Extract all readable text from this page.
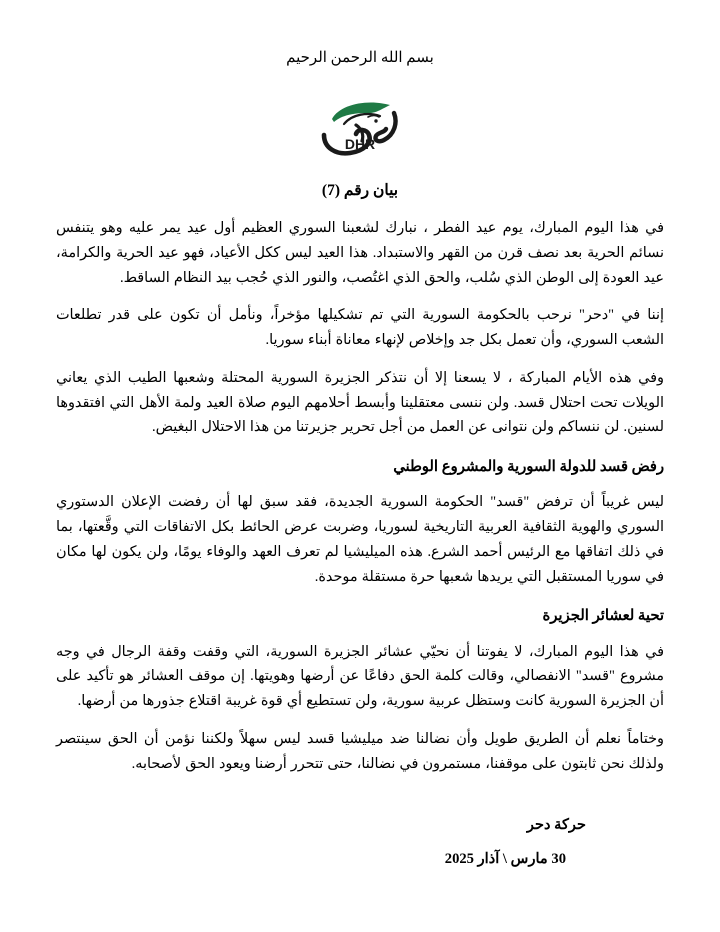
بسم الله الرحمن الرحيم
DHR
بيان رقم (7)

في هذا اليوم المبارك، يوم عيد الفطر ، نبارك لشعبنا السوري العظيم أول عيد يمر عليه وهو يتنفس نسائم الحرية بعد نصف قرن من القهر والاستبداد. هذا العيد ليس ككل الأعياد، فهو عيد الحرية والكرامة، عيد العودة إلى الوطن الذي سُلب، والحق الذي اغتُصب، والنور الذي حُجب بيد النظام الساقط.

إننا في "دحر" نرحب بالحكومة السورية التي تم تشكيلها مؤخراً، ونأمل أن تكون على قدر تطلعات الشعب السوري، وأن تعمل بكل جد وإخلاص لإنهاء معاناة أبناء سوريا.

وفي هذه الأيام المباركة ، لا يسعنا إلا أن نتذكر الجزيرة السورية المحتلة وشعبها الطيب الذي يعاني الويلات تحت احتلال قسد. ولن ننسى معتقلينا وأبسط أحلامهم اليوم صلاة العيد ولمة الأهل التي افتقدوها لسنين. لن ننساكم ولن نتوانى عن العمل من أجل تحرير جزيرتنا من هذا الاحتلال البغيض.

رفض قسد للدولة السورية والمشروع الوطني

ليس غريباً أن ترفض "قسد" الحكومة السورية الجديدة، فقد سبق لها أن رفضت الإعلان الدستوري السوري والهوية الثقافية العربية التاريخية لسوريا، وضربت عرض الحائط بكل الاتفاقات التي وقَّعتها، بما في ذلك اتفاقها مع الرئيس أحمد الشرع. هذه الميليشيا لم تعرف العهد والوفاء يومًا، ولن يكون لها مكان في سوريا المستقبل التي يريدها شعبها حرة مستقلة موحدة.

تحية لعشائر الجزيرة

في هذا اليوم المبارك، لا يفوتنا أن نحيّي عشائر الجزيرة السورية، التي وقفت وقفة الرجال في وجه مشروع "قسد" الانفصالي، وقالت كلمة الحق دفاعًا عن أرضها وهويتها. إن موقف العشائر هو تأكيد على أن الجزيرة السورية كانت وستظل عربية سورية، ولن تستطيع أي قوة غريبة اقتلاع جذورها من أرضها.

وختاماً نعلم أن الطريق طويل وأن نضالنا ضد ميليشيا قسد ليس سهلاً ولكننا نؤمن أن الحق سينتصر ولذلك نحن ثابتون على موقفنا، مستمرون في نضالنا، حتى تتحرر أرضنا ويعود الحق لأصحابه.

حركة دحر
30 مارس \ آذار 2025
